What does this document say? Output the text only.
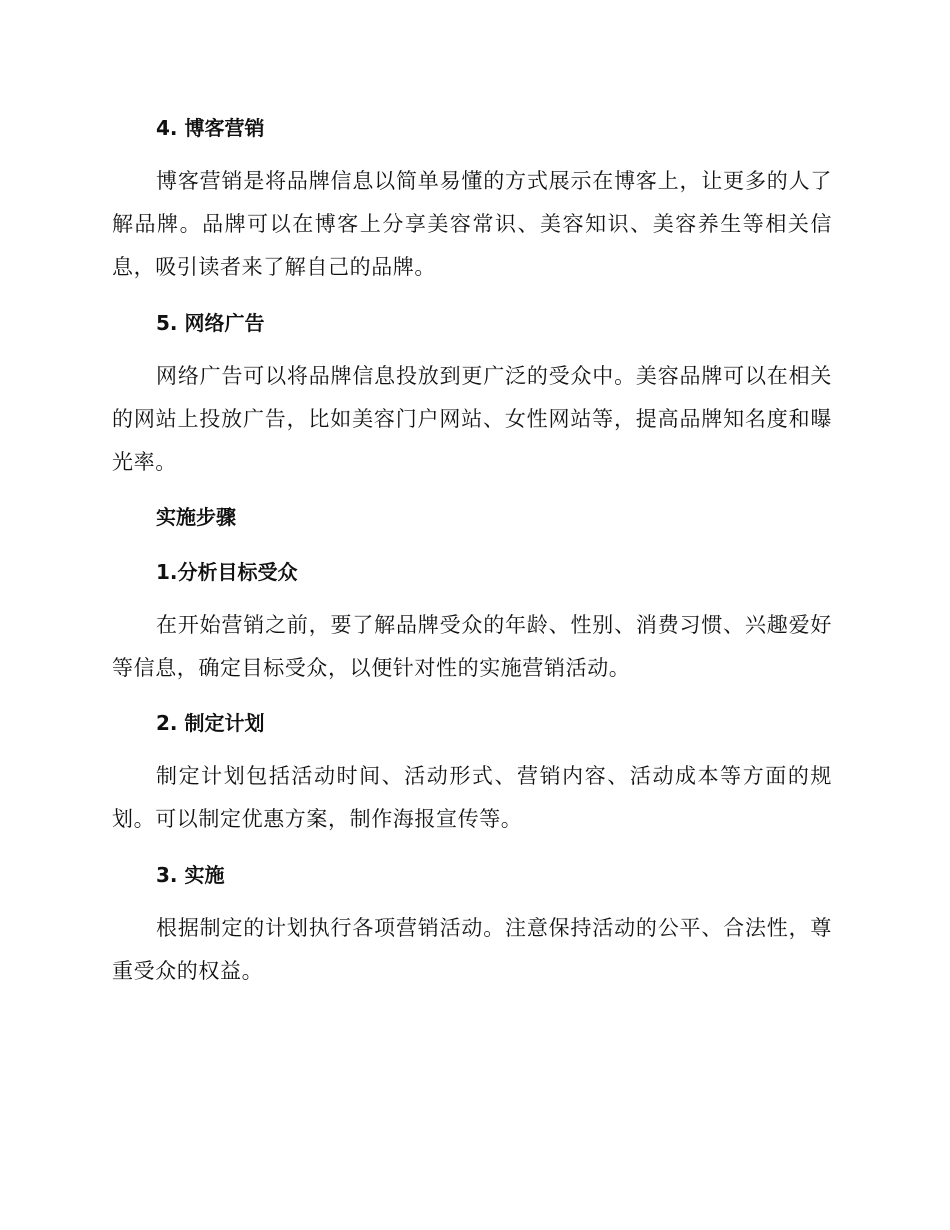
4. 博客营销
博客营销是将品牌信息以简单易懂的方式展示在博客上，让更多的人了解品牌。品牌可以在博客上分享美容常识、美容知识、美容养生等相关信息，吸引读者来了解自己的品牌。
5. 网络广告
网络广告可以将品牌信息投放到更广泛的受众中。美容品牌可以在相关的网站上投放广告，比如美容门户网站、女性网站等，提高品牌知名度和曝光率。
实施步骤
1.分析目标受众
在开始营销之前，要了解品牌受众的年龄、性别、消费习惯、兴趣爱好等信息，确定目标受众，以便针对性的实施营销活动。
2. 制定计划
制定计划包括活动时间、活动形式、营销内容、活动成本等方面的规划。可以制定优惠方案，制作海报宣传等。
3. 实施
根据制定的计划执行各项营销活动。注意保持活动的公平、合法性，尊重受众的权益。
